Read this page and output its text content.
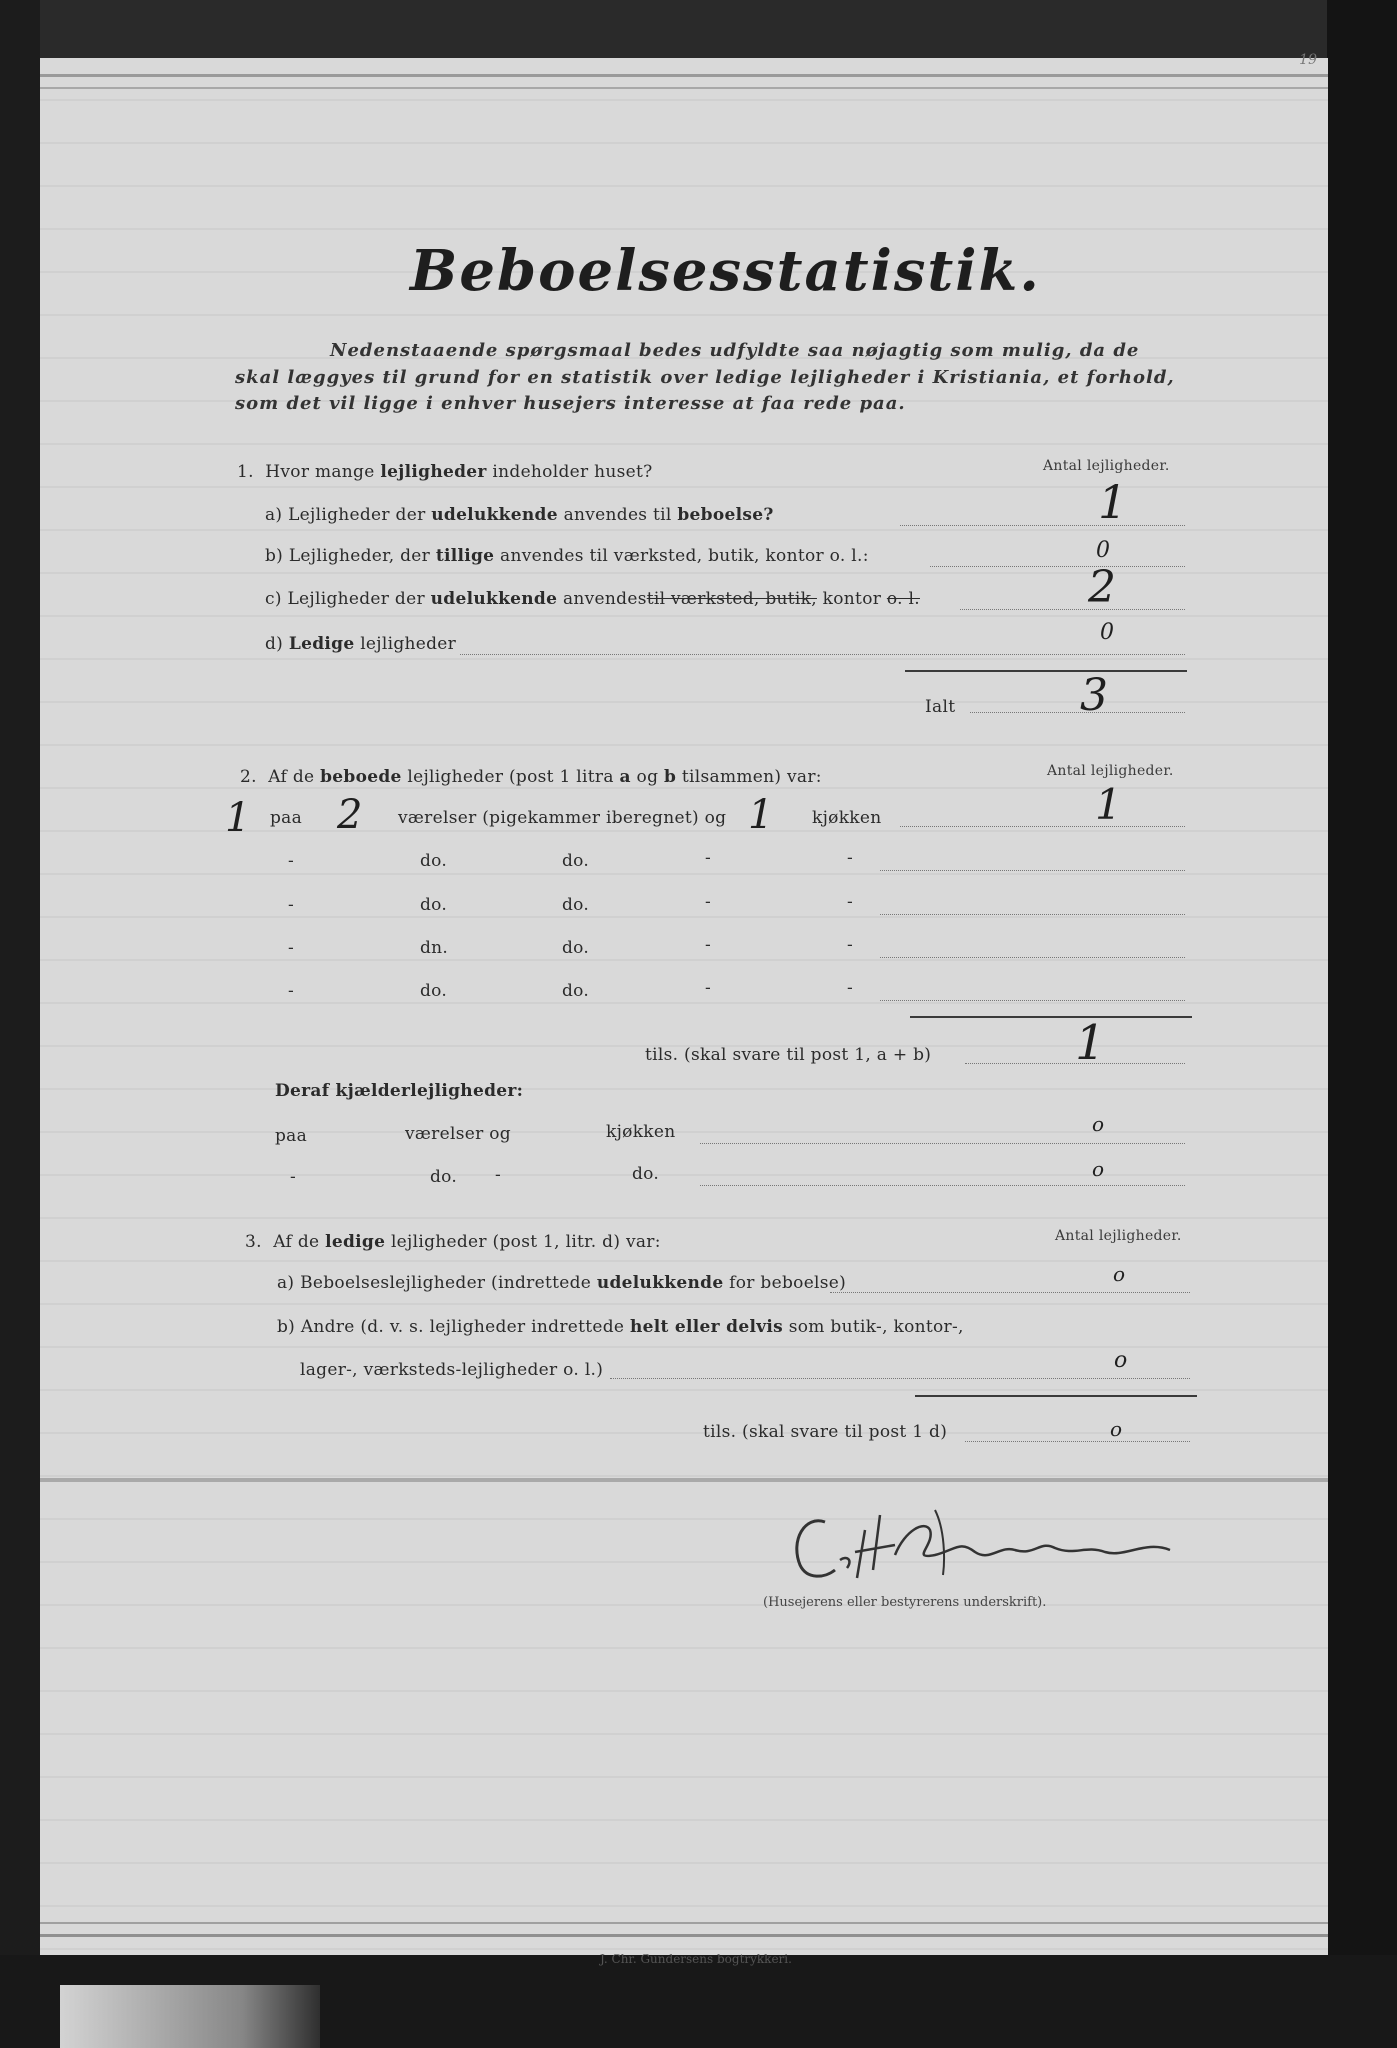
19
Beboelsesstatistik.
Nedenstaaende spørgsmaal bedes udfyldte saa nøjagtig som mulig, da de
skal læggyes til grund for en statistik over ledige lejligheder i Kristiania, et forhold,
som det vil ligge i enhver husejers interesse at faa rede paa.
1. Hvor mange lejligheder indeholder huset?	Antal lejligheder.
a) Lejligheder der udelukkende anvendes til beboelse?	1
b) Lejligheder, der tillige anvendes til værksted, butik, kontor o. l.:	0
c) Lejligheder der udelukkende anvendestil værksted, butik, kontor o. l.	2
d) Ledige lejligheder	0
Ialt	3
2. Af de beboede lejligheder (post 1 litra a og b tilsammen) var:	Antal lejligheder.
1 paa 2 værelser (pigekammer iberegnet) og 1 kjøkken	1
-	do.	do.	-	-
-	do.	do.	-	-
-	dn.	do.	-	-
-	do.	do.	-	-
tils. (skal svare til post 1, a + b)	1
Deraf kjælderlejligheder:
paa	værelser og	kjøkken	o
-	do. -	do.	o
3. Af de ledige lejligheder (post 1, litr. d) var:	Antal lejligheder.
a) Beboelseslejligheder (indrettede udelukkende for beboelse)	o
b) Andre (d. v. s. lejligheder indrettede helt eller delvis som butik-, kontor-,
lager-, værksteds-lejligheder o. l.)	o
tils. (skal svare til post 1 d)	o
(Husejerens eller bestyrerens underskrift).
J. Chr. Gundersens bogtrykkeri.
